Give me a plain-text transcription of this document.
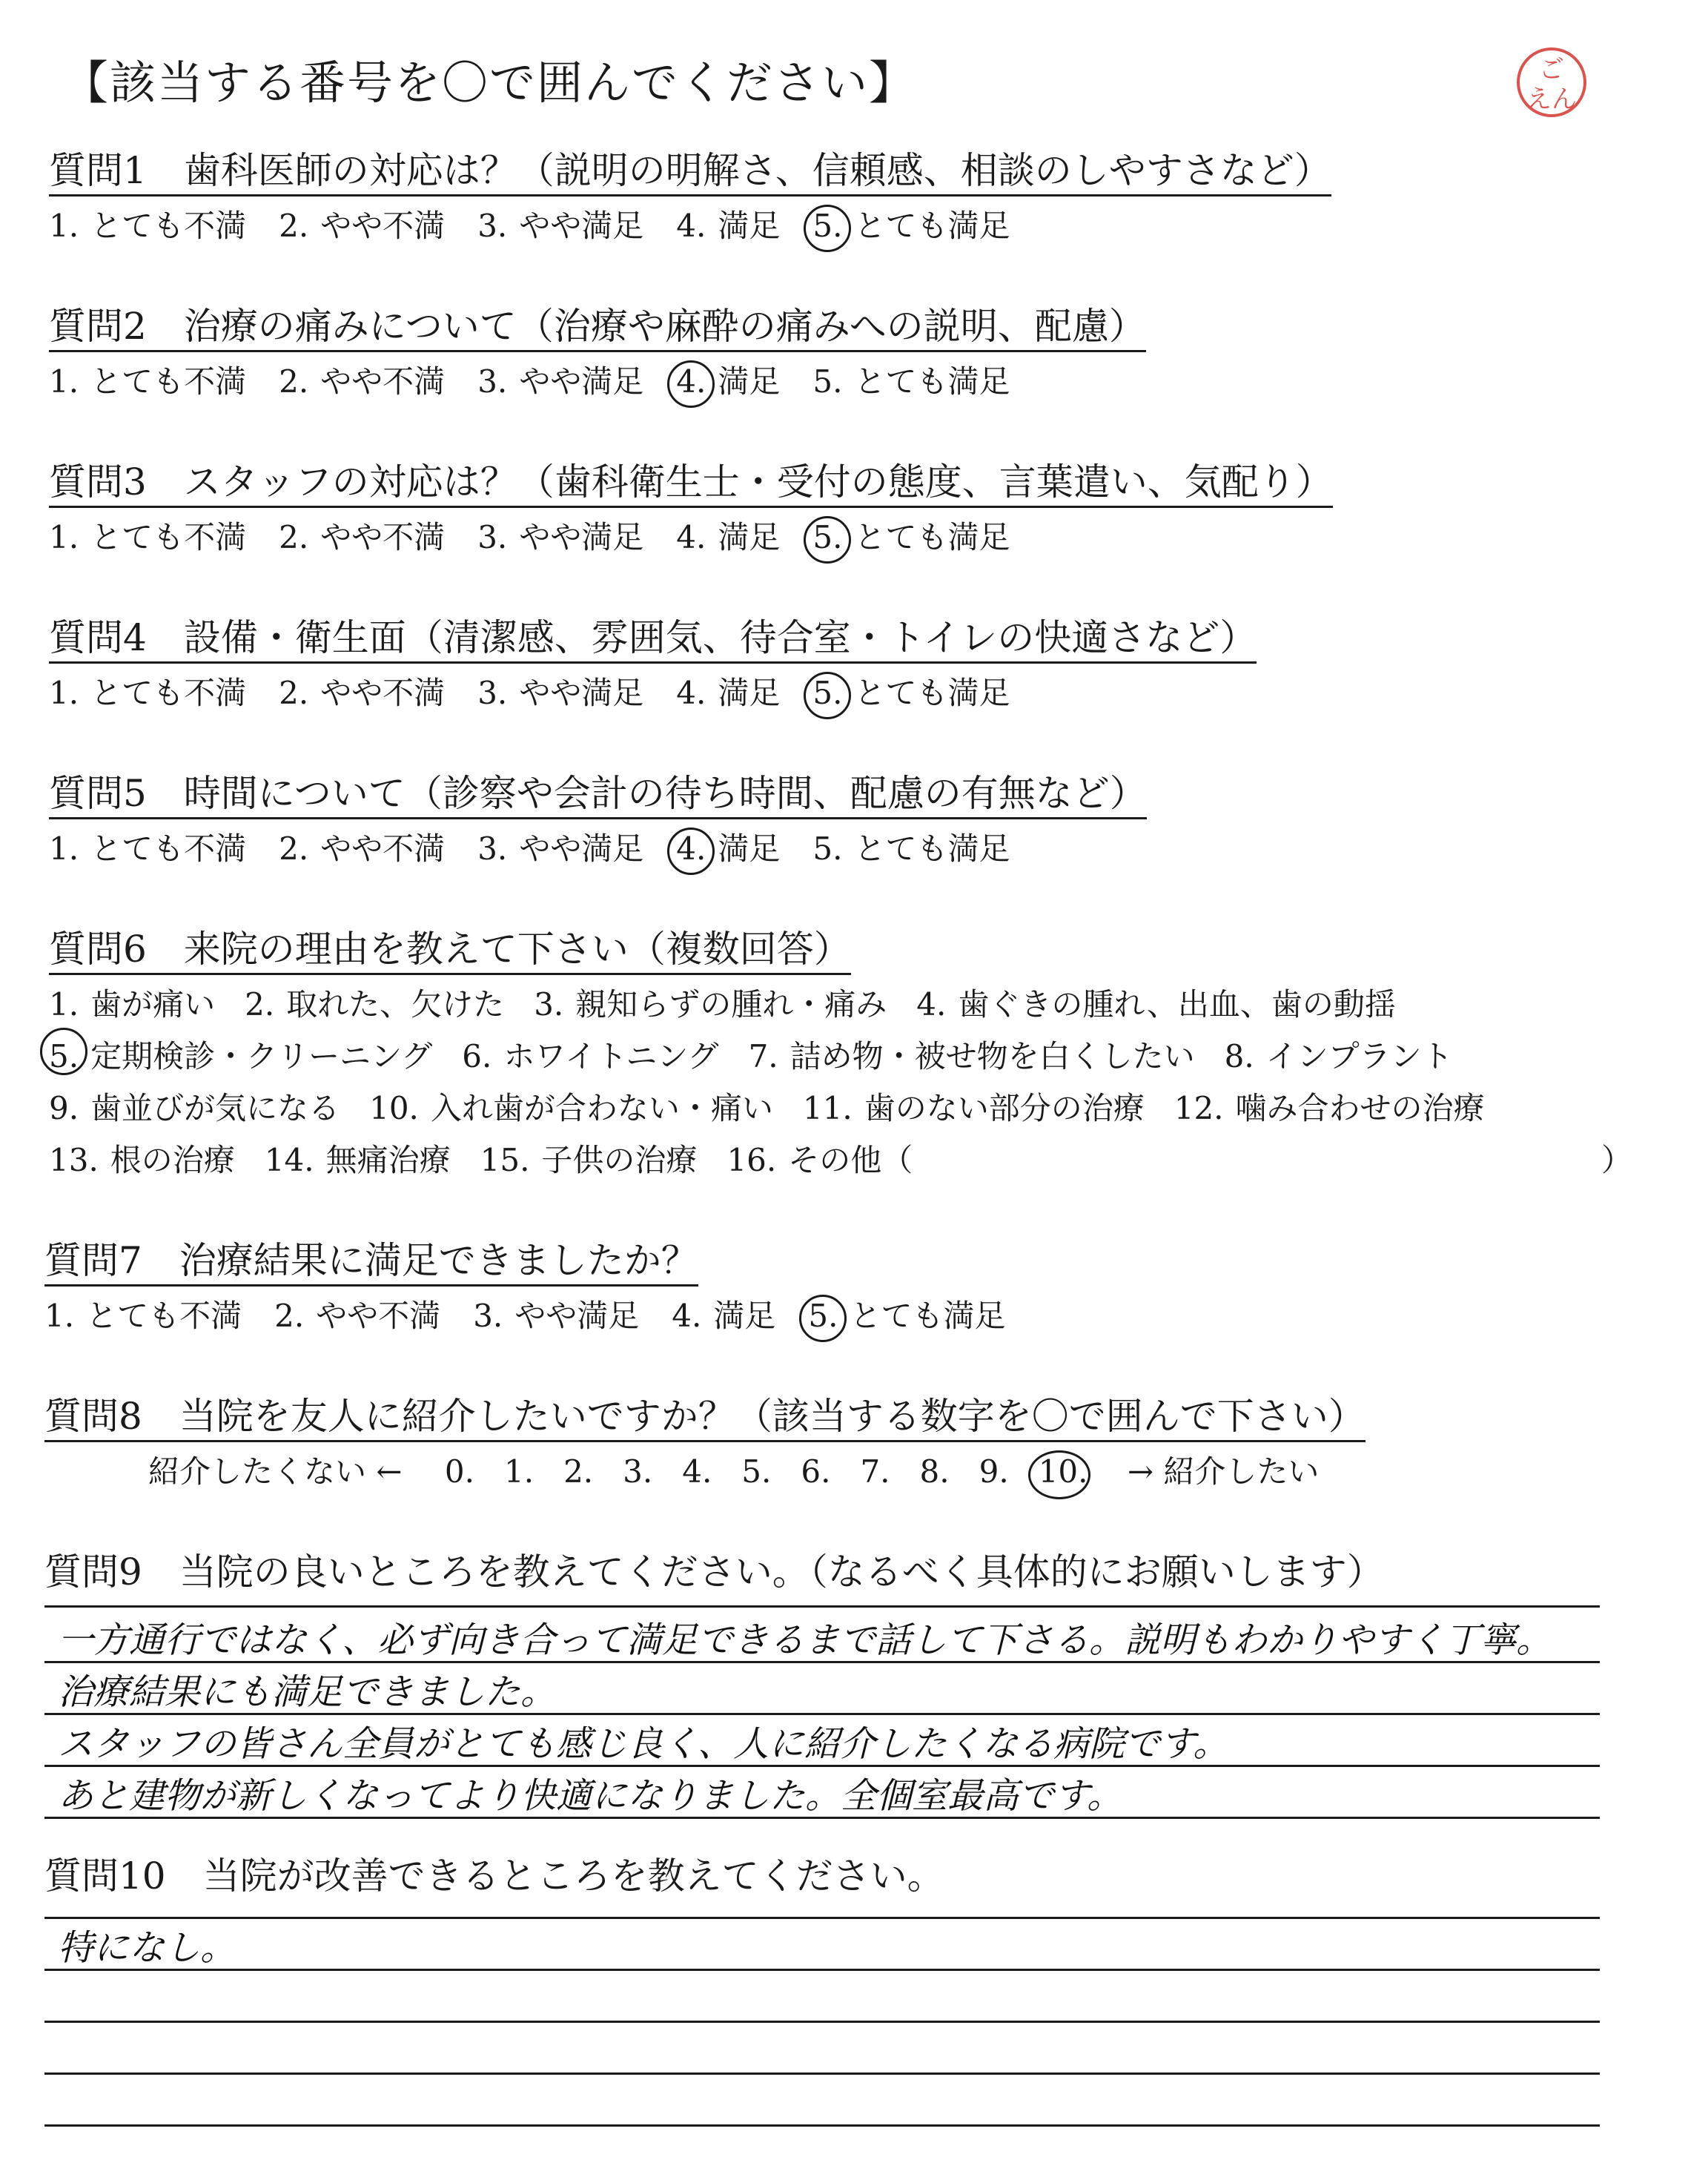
【該当する番号を〇で囲んでください】	ご
えん
質問1　歯科医師の対応は？（説明の明解さ、信頼感、相談のしやすさなど）
1. とても不満 2. やや不満 3. やや満足 4. 満足 5. とても満足
質問2　治療の痛みについて（治療や麻酔の痛みへの説明、配慮）
1. とても不満 2. やや不満 3. やや満足 4. 満足 5. とても満足
質問3　スタッフの対応は？（歯科衛生士・受付の態度、言葉遣い、気配り）
1. とても不満 2. やや不満 3. やや満足 4. 満足 5. とても満足
質問4　設備・衛生面（清潔感、雰囲気、待合室・トイレの快適さなど）
1. とても不満 2. やや不満 3. やや満足 4. 満足 5. とても満足
質問5　時間について（診察や会計の待ち時間、配慮の有無など）
1. とても不満 2. やや不満 3. やや満足 4. 満足 5. とても満足
質問6　来院の理由を教えて下さい（複数回答）
1. 歯が痛い 2. 取れた、欠けた 3. 親知らずの腫れ・痛み 4. 歯ぐきの腫れ、出血、歯の動揺
5. 定期検診・クリーニング 6. ホワイトニング 7. 詰め物・被せ物を白くしたい 8. インプラント
9. 歯並びが気になる 10. 入れ歯が合わない・痛い 11. 歯のない部分の治療 12. 噛み合わせの治療
13. 根の治療 14. 無痛治療 15. 子供の治療 16. その他（	）
質問7　治療結果に満足できましたか？
1. とても不満 2. やや不満 3. やや満足 4. 満足 5. とても満足
質問8　当院を友人に紹介したいですか？（該当する数字を〇で囲んで下さい）
紹介したくない ← 0. 1. 2. 3. 4. 5. 6. 7. 8. 9. 10. → 紹介したい
質問9　当院の良いところを教えてください。（なるべく具体的にお願いします）
一方通行ではなく、必ず向き合って満足できるまで話して下さる。説明もわかりやすく丁寧。
治療結果にも満足できました。
スタッフの皆さん全員がとても感じ良く、人に紹介したくなる病院です。
あと建物が新しくなってより快適になりました。全個室最高です。
質問10　当院が改善できるところを教えてください。
特になし。
